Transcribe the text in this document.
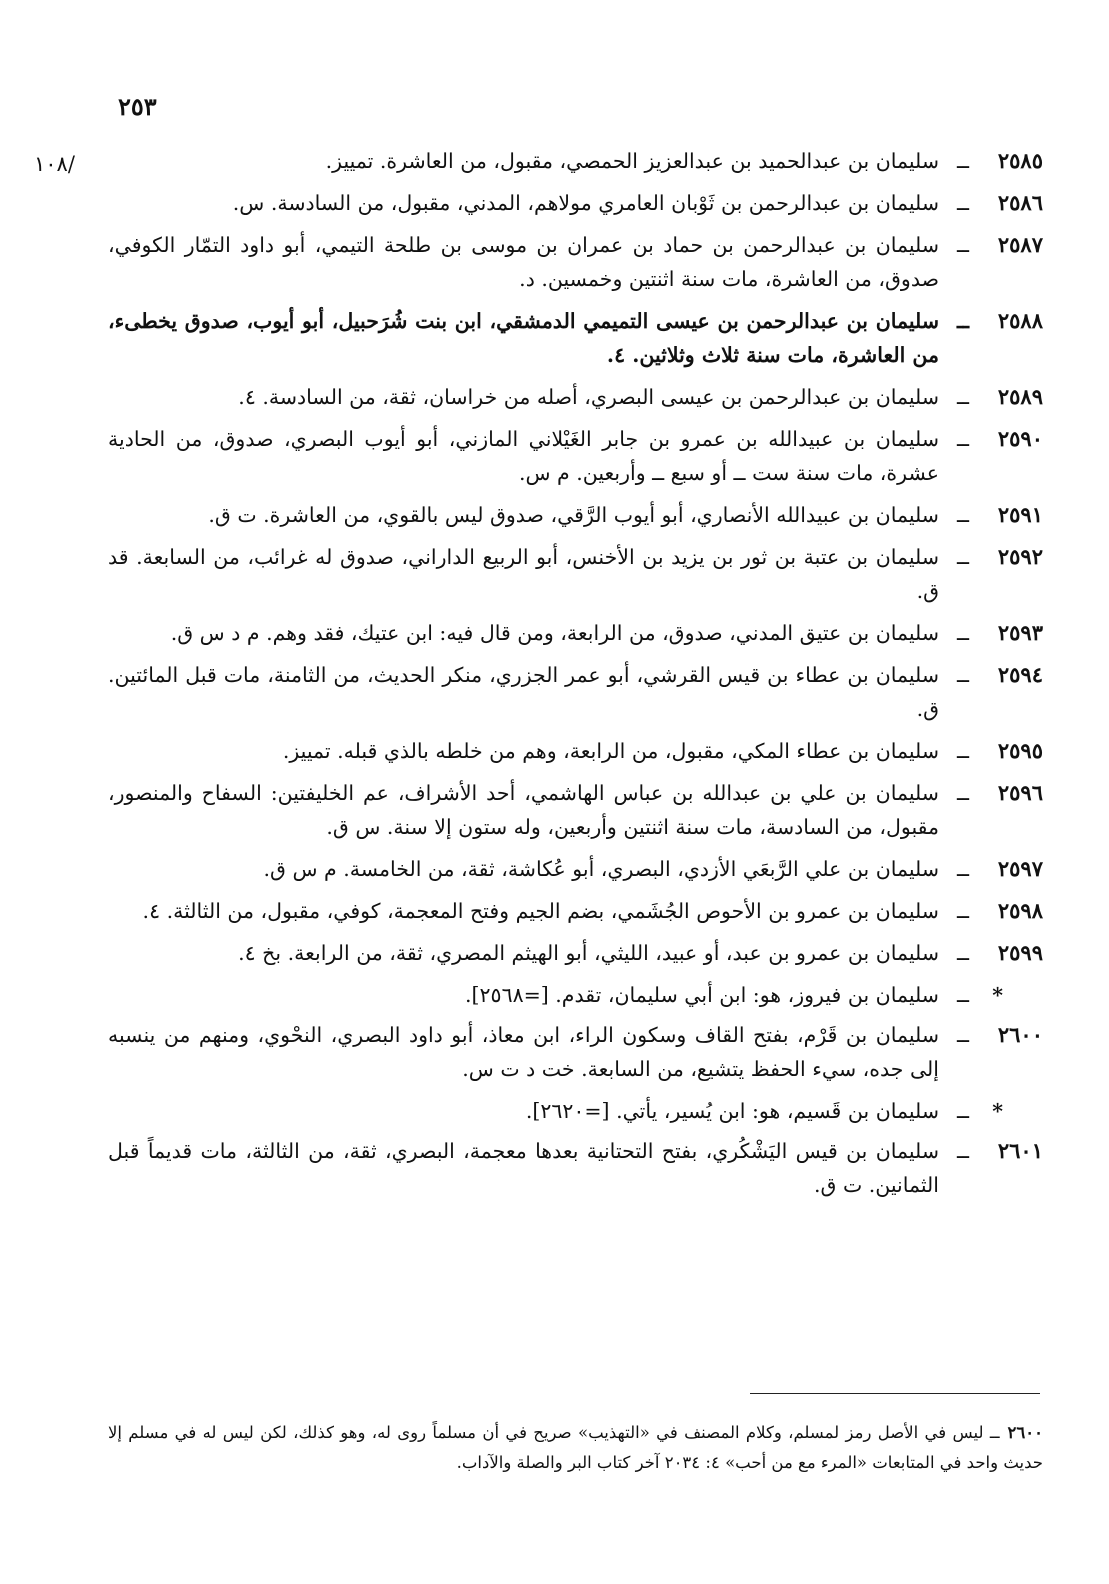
٢٥٣
/١٠٨	٢٥٨٥
ــ
سليمان بن عبدالحميد بن عبدالعزيز الحمصي، مقبول، من العاشرة. تمييز.
٢٥٨٦
ــ
سليمان بن عبدالرحمن بن ثَوْبان العامري مولاهم، المدني، مقبول، من السادسة. س.
٢٥٨٧
ــ
سليمان بن عبدالرحمن بن حماد بن عمران بن موسى بن طلحة التيمي، أبو داود التمّار الكوفي، صدوق، من العاشرة، مات سنة اثنتين وخمسين. د.
٢٥٨٨
ــ
سليمان بن عبدالرحمن بن عيسى التميمي الدمشقي، ابن بنت شُرَحبيل، أبو أيوب، صدوق يخطىء، من العاشرة، مات سنة ثلاث وثلاثين. ٤.
٢٥٨٩
ــ
سليمان بن عبدالرحمن بن عيسى البصري، أصله من خراسان، ثقة، من السادسة. ٤.
٢٥٩٠
ــ
سليمان بن عبيدالله بن عمرو بن جابر الغَيْلاني المازني، أبو أيوب البصري، صدوق، من الحادية عشرة، مات سنة ست ــ أو سبع ــ وأربعين. م س.
٢٥٩١
ــ
سليمان بن عبيدالله الأنصاري، أبو أيوب الرَّقي، صدوق ليس بالقوي، من العاشرة. ت ق.
٢٥٩٢
ــ
سليمان بن عتبة بن ثور بن يزيد بن الأخنس، أبو الربيع الداراني، صدوق له غرائب، من السابعة. قد ق.
٢٥٩٣
ــ
سليمان بن عتيق المدني، صدوق، من الرابعة، ومن قال فيه: ابن عتيك، فقد وهم. م د س ق.
٢٥٩٤
ــ
سليمان بن عطاء بن قيس القرشي، أبو عمر الجزري، منكر الحديث، من الثامنة، مات قبل المائتين. ق.
٢٥٩٥
ــ
سليمان بن عطاء المكي، مقبول، من الرابعة، وهم من خلطه بالذي قبله. تمييز.
٢٥٩٦
ــ
سليمان بن علي بن عبدالله بن عباس الهاشمي، أحد الأشراف، عم الخليفتين: السفاح والمنصور، مقبول، من السادسة، مات سنة اثنتين وأربعين، وله ستون إلا سنة. س ق.
٢٥٩٧
ــ
سليمان بن علي الرَّبعَي الأزدي، البصري، أبو عُكاشة، ثقة، من الخامسة. م س ق.
٢٥٩٨
ــ
سليمان بن عمرو بن الأحوص الجُشَمي، بضم الجيم وفتح المعجمة، كوفي، مقبول، من الثالثة. ٤.
٢٥٩٩
ــ
سليمان بن عمرو بن عبد، أو عبيد، الليثي، أبو الهيثم المصري، ثقة، من الرابعة. بخ ٤.
*
ــ
سليمان بن فيروز، هو: ابن أبي سليمان، تقدم. [=٢٥٦٨].
٢٦٠٠
ــ
سليمان بن قَرْم، بفتح القاف وسكون الراء، ابن معاذ، أبو داود البصري، النحْوي، ومنهم من ينسبه إلى جده، سيء الحفظ يتشيع، من السابعة. خت د ت س.
*
ــ
سليمان بن قَسيم، هو: ابن يُسير، يأتي. [=٢٦٢٠].
٢٦٠١
ــ
سليمان بن قيس اليَشْكُري، بفتح التحتانية بعدها معجمة، البصري، ثقة، من الثالثة، مات قديماً قبل الثمانين. ت ق.
٢٦٠٠ــ ليس في الأصل رمز لمسلم، وكلام المصنف في «التهذيب» صريح في أن مسلماً روى له، وهو كذلك، لكن ليس له في مسلم إلا حديث واحد في المتابعات «المرء مع من أحب» ٤: ٢٠٣٤ آخر كتاب البر والصلة والآداب.
